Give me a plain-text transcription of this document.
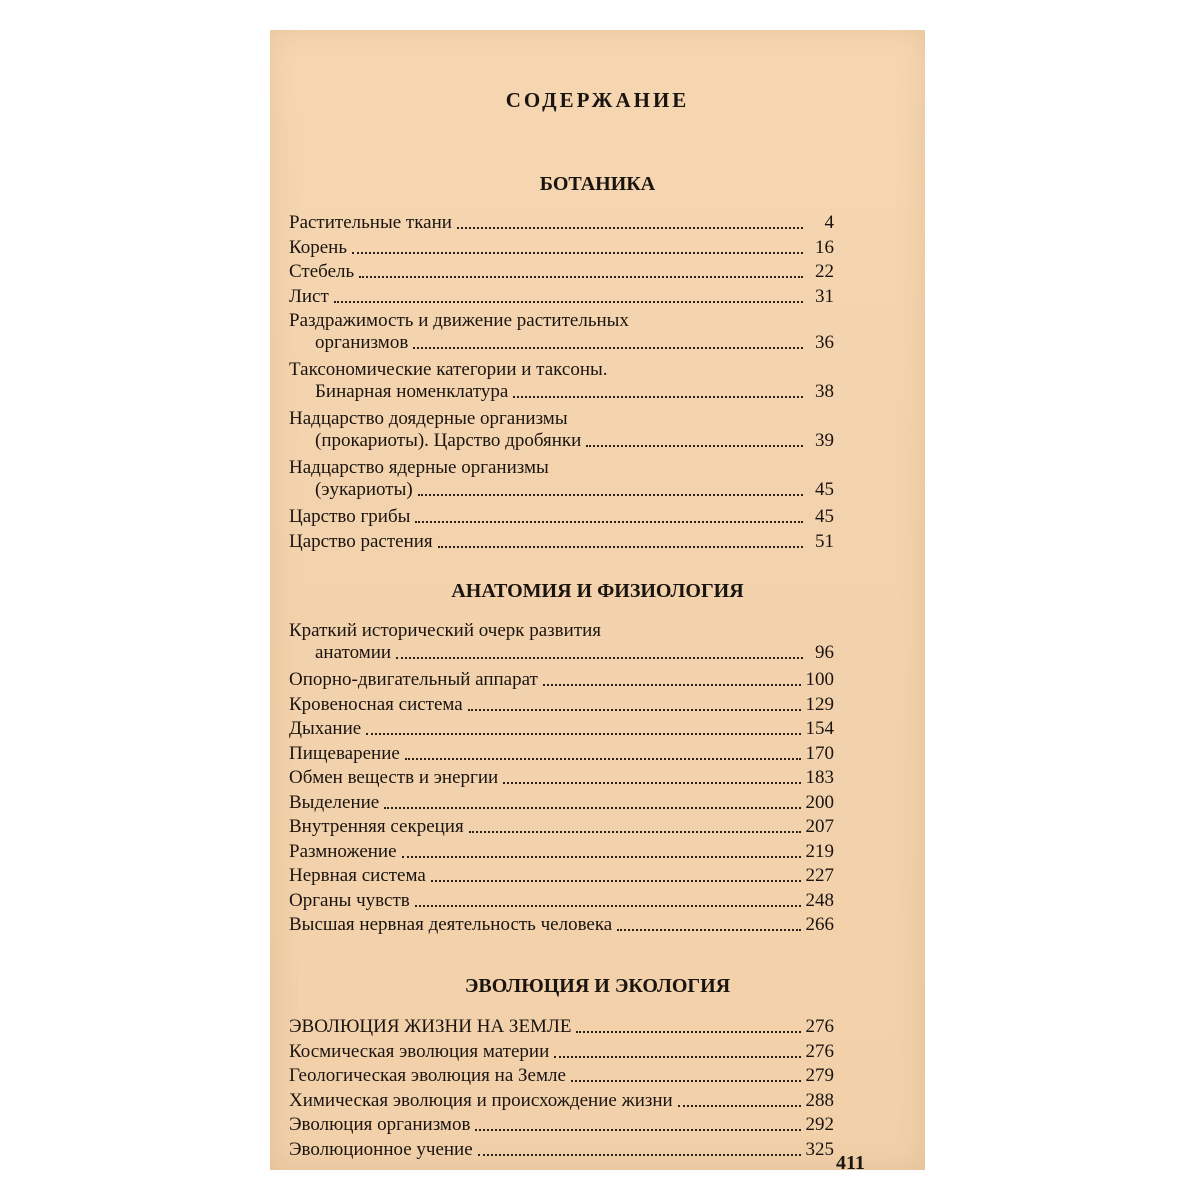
СОДЕРЖАНИЕ
БОТАНИКА
Растительные ткани	4
Корень	16
Стебель	22
Лист	31
Раздражимость и движение растительных
организмов	36
Таксономические категории и таксоны.
Бинарная номенклатура	38
Надцарство доядерные организмы
(прокариоты). Царство дробянки	39
Надцарство ядерные организмы
(эукариоты)	45
Царство грибы	45
Царство растения	51
АНАТОМИЯ И ФИЗИОЛОГИЯ
Краткий исторический очерк развития
анатомии	96
Опорно-двигательный аппарат	100
Кровеносная система	129
Дыхание	154
Пищеварение	170
Обмен веществ и энергии	183
Выделение	200
Внутренняя секреция	207
Размножение	219
Нервная система	227
Органы чувств	248
Высшая нервная деятельность человека	266
ЭВОЛЮЦИЯ И ЭКОЛОГИЯ
ЭВОЛЮЦИЯ ЖИЗНИ НА ЗЕМЛЕ	276
Космическая эволюция материи	276
Геологическая эволюция на Земле	279
Химическая эволюция и происхождение жизни	288
Эволюция организмов	292
Эволюционное учение	325
411
